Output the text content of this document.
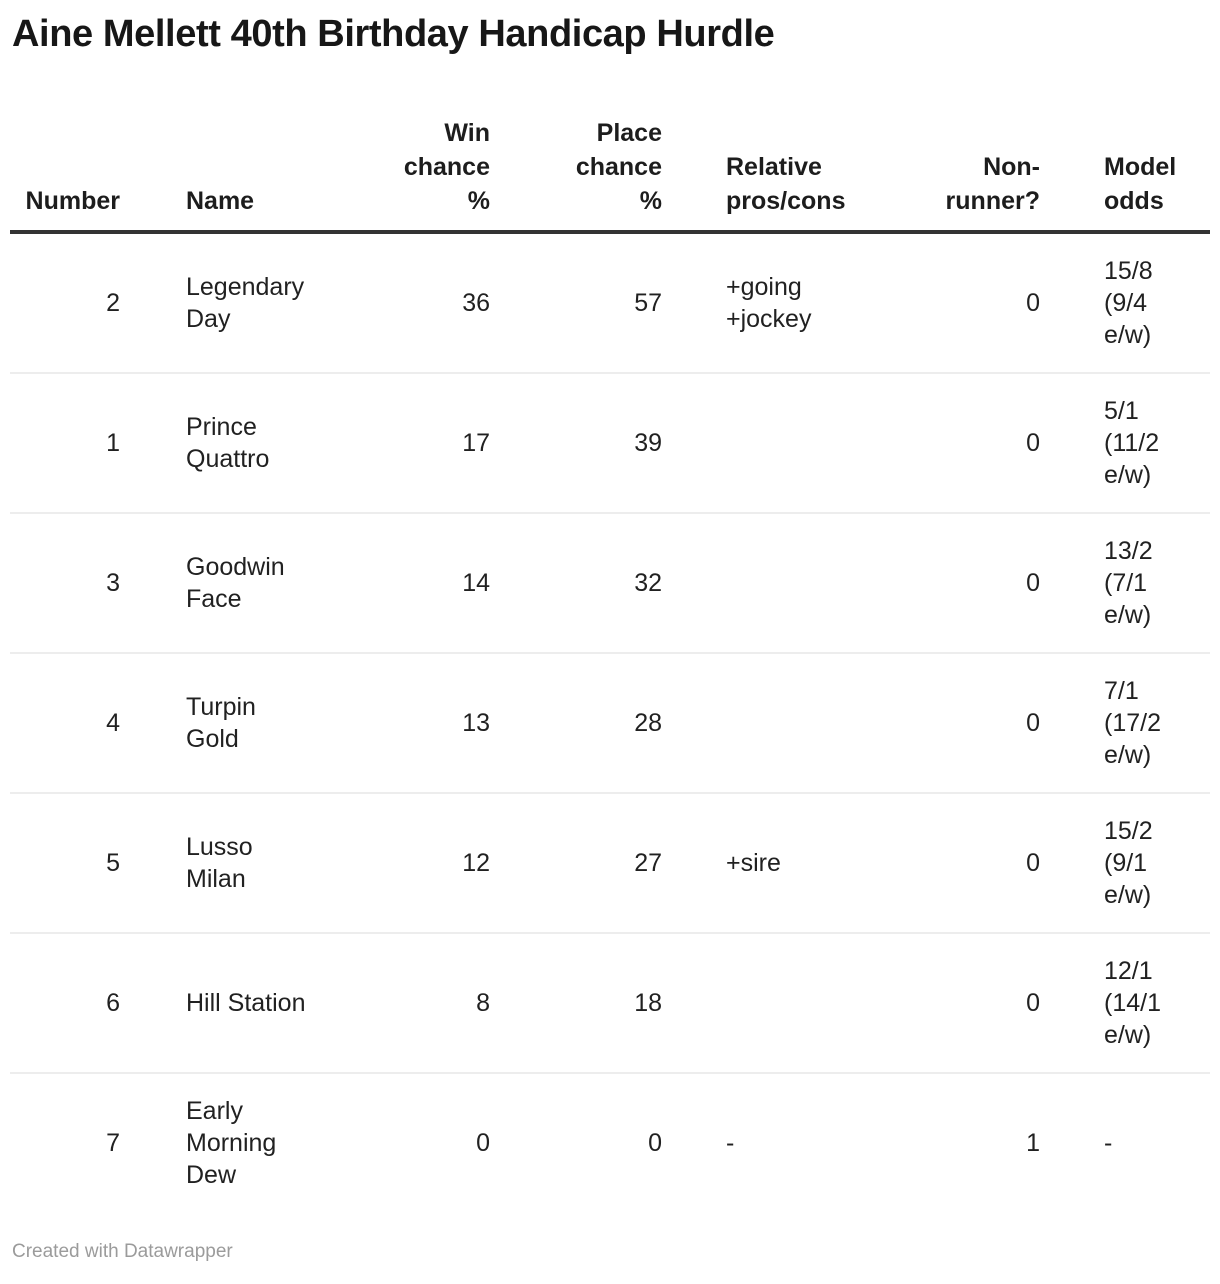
Aine Mellett 40th Birthday Handicap Hurdle
Number	Name	Win chance %	Place chance %	Relative pros/cons	Non-runner?	Model odds

2	Legendary Day	36	57	+going +jockey	0	15/8 (9/4 e/w)

1	Prince Quattro	17	39		0	5/1 (11/2 e/w)

3	Goodwin Face	14	32		0	13/2 (7/1 e/w)

4	Turpin Gold	13	28		0	7/1 (17/2 e/w)

5	Lusso Milan	12	27	+sire	0	15/2 (9/1 e/w)

6	Hill Station	8	18		0	12/1 (14/1 e/w)

7	Early Morning Dew	0	0	-	1	-
Created with Datawrapper
